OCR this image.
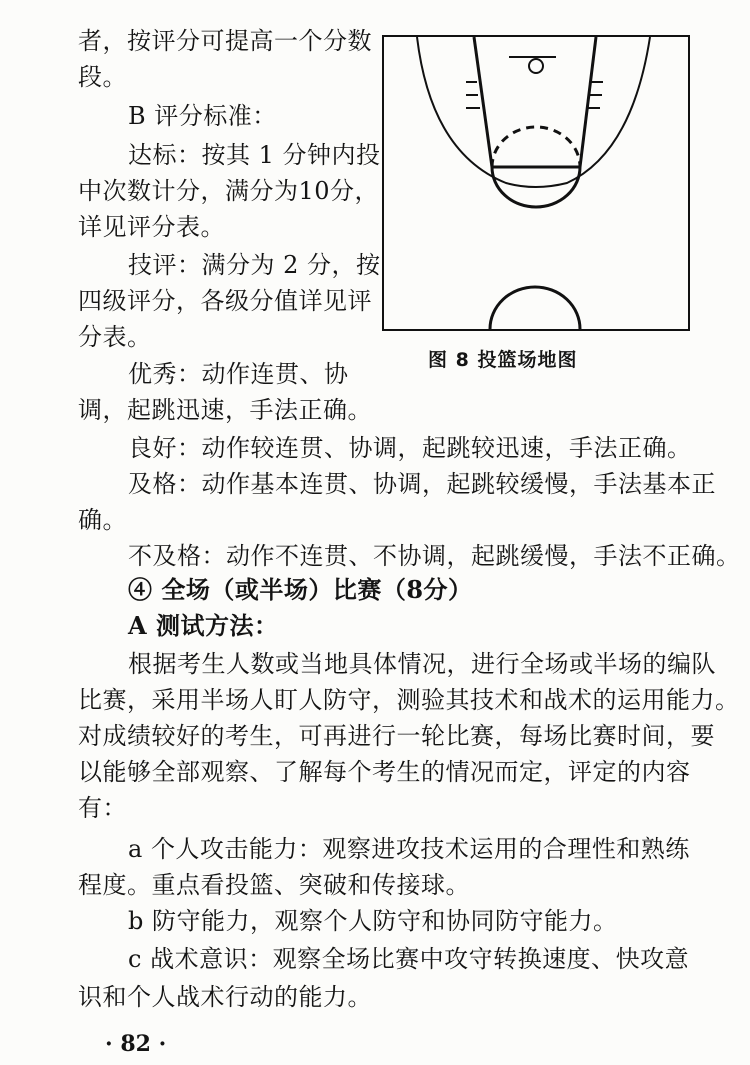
图 8 投篮场地图
者，按评分可提高一个分数
段。
B 评分标准：
达标：按其 1 分钟内投
中次数计分，满分为10分，
详见评分表。
技评：满分为 2 分，按
四级评分，各级分值详见评
分表。
优秀：动作连贯、协
调，起跳迅速，手法正确。
良好：动作较连贯、协调，起跳较迅速，手法正确。
及格：动作基本连贯、协调，起跳较缓慢，手法基本正
确。
不及格：动作不连贯、不协调，起跳缓慢，手法不正确。
④ 全场（或半场）比赛（8分）
A 测试方法：
根据考生人数或当地具体情况，进行全场或半场的编队
比赛，采用半场人盯人防守，测验其技术和战术的运用能力。
对成绩较好的考生，可再进行一轮比赛，每场比赛时间，要
以能够全部观察、了解每个考生的情况而定，评定的内容
有：
a 个人攻击能力：观察进攻技术运用的合理性和熟练
程度。重点看投篮、突破和传接球。
b 防守能力，观察个人防守和协同防守能力。
c 战术意识：观察全场比赛中攻守转换速度、快攻意
识和个人战术行动的能力。
· 82 ·
